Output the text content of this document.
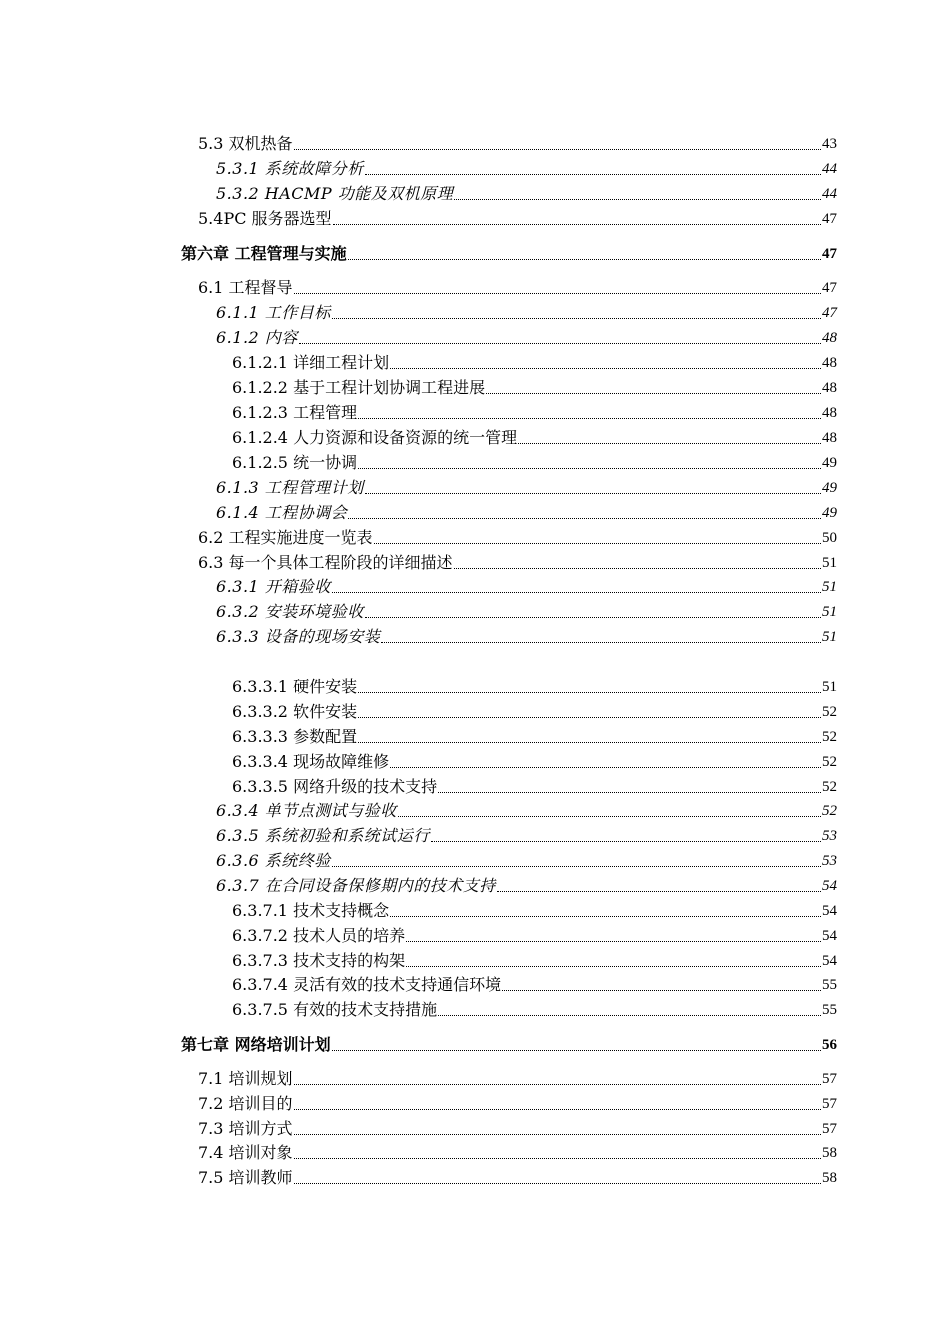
5.3 双机热备	43
5.3.1 系统故障分析	44
5.3.2 HACMP 功能及双机原理	44
5.4PC 服务器选型	47
第六章 工程管理与实施	47
6.1 工程督导	47
6.1.1 工作目标	47
6.1.2 内容	48
6.1.2.1 详细工程计划	48
6.1.2.2 基于工程计划协调工程进展	48
6.1.2.3 工程管理	48
6.1.2.4 人力资源和设备资源的统一管理	48
6.1.2.5 统一协调	49
6.1.3 工程管理计划	49
6.1.4 工程协调会	49
6.2 工程实施进度一览表	50
6.3 每一个具体工程阶段的详细描述	51
6.3.1 开箱验收	51
6.3.2 安装环境验收	51
6.3.3 设备的现场安装	51
6.3.3.1 硬件安装	51
6.3.3.2 软件安装	52
6.3.3.3 参数配置	52
6.3.3.4 现场故障维修	52
6.3.3.5 网络升级的技术支持	52
6.3.4 单节点测试与验收	52
6.3.5 系统初验和系统试运行	53
6.3.6 系统终验	53
6.3.7 在合同设备保修期内的技术支持	54
6.3.7.1 技术支持概念	54
6.3.7.2 技术人员的培养	54
6.3.7.3 技术支持的构架	54
6.3.7.4 灵活有效的技术支持通信环境	55
6.3.7.5 有效的技术支持措施	55
第七章 网络培训计划	56
7.1 培训规划	57
7.2 培训目的	57
7.3 培训方式	57
7.4 培训对象	58
7.5 培训教师	58
